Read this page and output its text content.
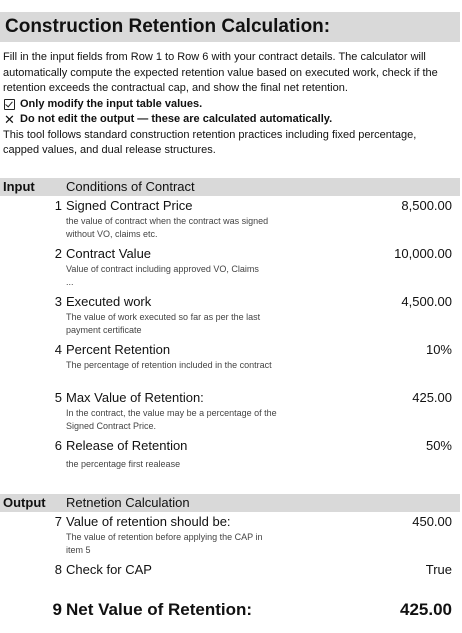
Construction Retention Calculation:

Fill in the input fields from Row 1 to Row 6 with your contract details. The calculator will automatically compute the expected retention value based on executed work, check if the retention exceeds the contractual cap, and show the final net retention.

Only modify the input table values.

✕ Do not edit the output — these are calculated automatically.

This tool follows standard construction retention practices including fixed percentage, capped values, and dual release structures.

Input Conditions of Contract
1 Signed Contract Price	8,500.00
the value of contract when the contract was signed without VO, claims etc.
2 Contract Value	10,000.00
Value of contract including approved VO, Claims ...
3 Executed work	4,500.00
The value of work executed so far as per the last payment certificate
4 Percent Retention	10%
The percentage of retention included in the contract
5 Max Value of Retention:	425.00
In the contract, the value may be a percentage of the Signed Contract Price.
6 Release of Retention	50%
the percentage first realease
Output Retnetion Calculation
7 Value of retention should be:	450.00
The value of retention before applying the CAP in item 5
8 Check for CAP	True
9 Net Value of Retention:	425.00
